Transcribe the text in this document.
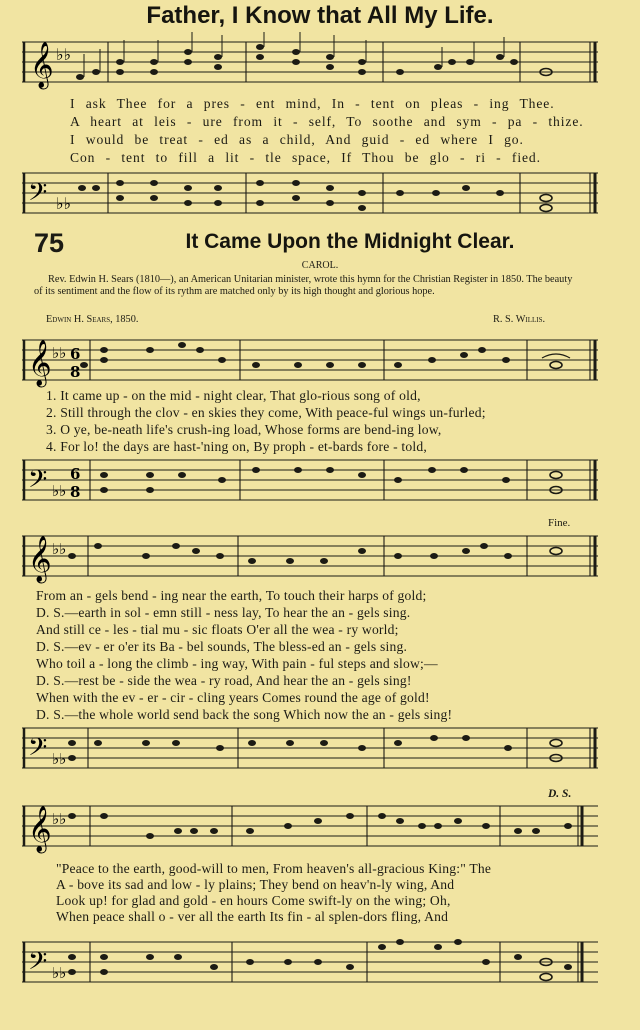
Father, I Know that All My Life.
𝄞 ♭♭
I ask Thee for a pres - ent mind, In - tent on pleas - ing Thee.
A heart at leis - ure from it - self, To soothe and sym - pa - thize.
I would be treat - ed as a child, And guid - ed where I go.
Con - tent to fill a lit - tle space, If Thou be glo - ri - fied.
𝄢 ♭♭
75	It Came Upon the Midnight Clear.
CAROL.
Rev. Edwin H. Sears (1810—), an American Unitarian minister, wrote this hymn for the Christian Register in 1850. The beauty of its sentiment and the flow of its rythm are matched only by its high thought and glorious hope.
Edwin H. Sears, 1850.	R. S. Willis.
𝄞 ♭♭ 6
8
1. It came up - on the mid - night clear, That glo-rious song of old,
2. Still through the clov - en skies they come, With peace-ful wings un-furled;
3. O ye, be-neath life's crush-ing load, Whose forms are bend-ing low,
4. For lo! the days are hast-'ning on, By proph - et-bards fore - told,
𝄢 ♭♭
6
8
Fine.
𝄞 ♭♭
From an - gels bend - ing near the earth, To touch their harps of gold;
D. S.—earth in sol - emn still - ness lay, To hear the an - gels sing.
And still ce - les - tial mu - sic floats O'er all the wea - ry world;
D. S.—ev - er o'er its Ba - bel sounds, The bless-ed an - gels sing.
Who toil a - long the climb - ing way, With pain - ful steps and slow;—
D. S.—rest be - side the wea - ry road, And hear the an - gels sing!
When with the ev - er - cir - cling years Comes round the age of gold!
D. S.—the whole world send back the song Which now the an - gels sing!
𝄢 ♭♭
D. S.
𝄞 ♭♭
"Peace to the earth, good-will to men, From heaven's all-gracious King:" The
A - bove its sad and low - ly plains; They bend on heav'n-ly wing, And
Look up! for glad and gold - en hours Come swift-ly on the wing; Oh,
When peace shall o - ver all the earth Its fin - al splen-dors fling, And
𝄢 ♭♭
